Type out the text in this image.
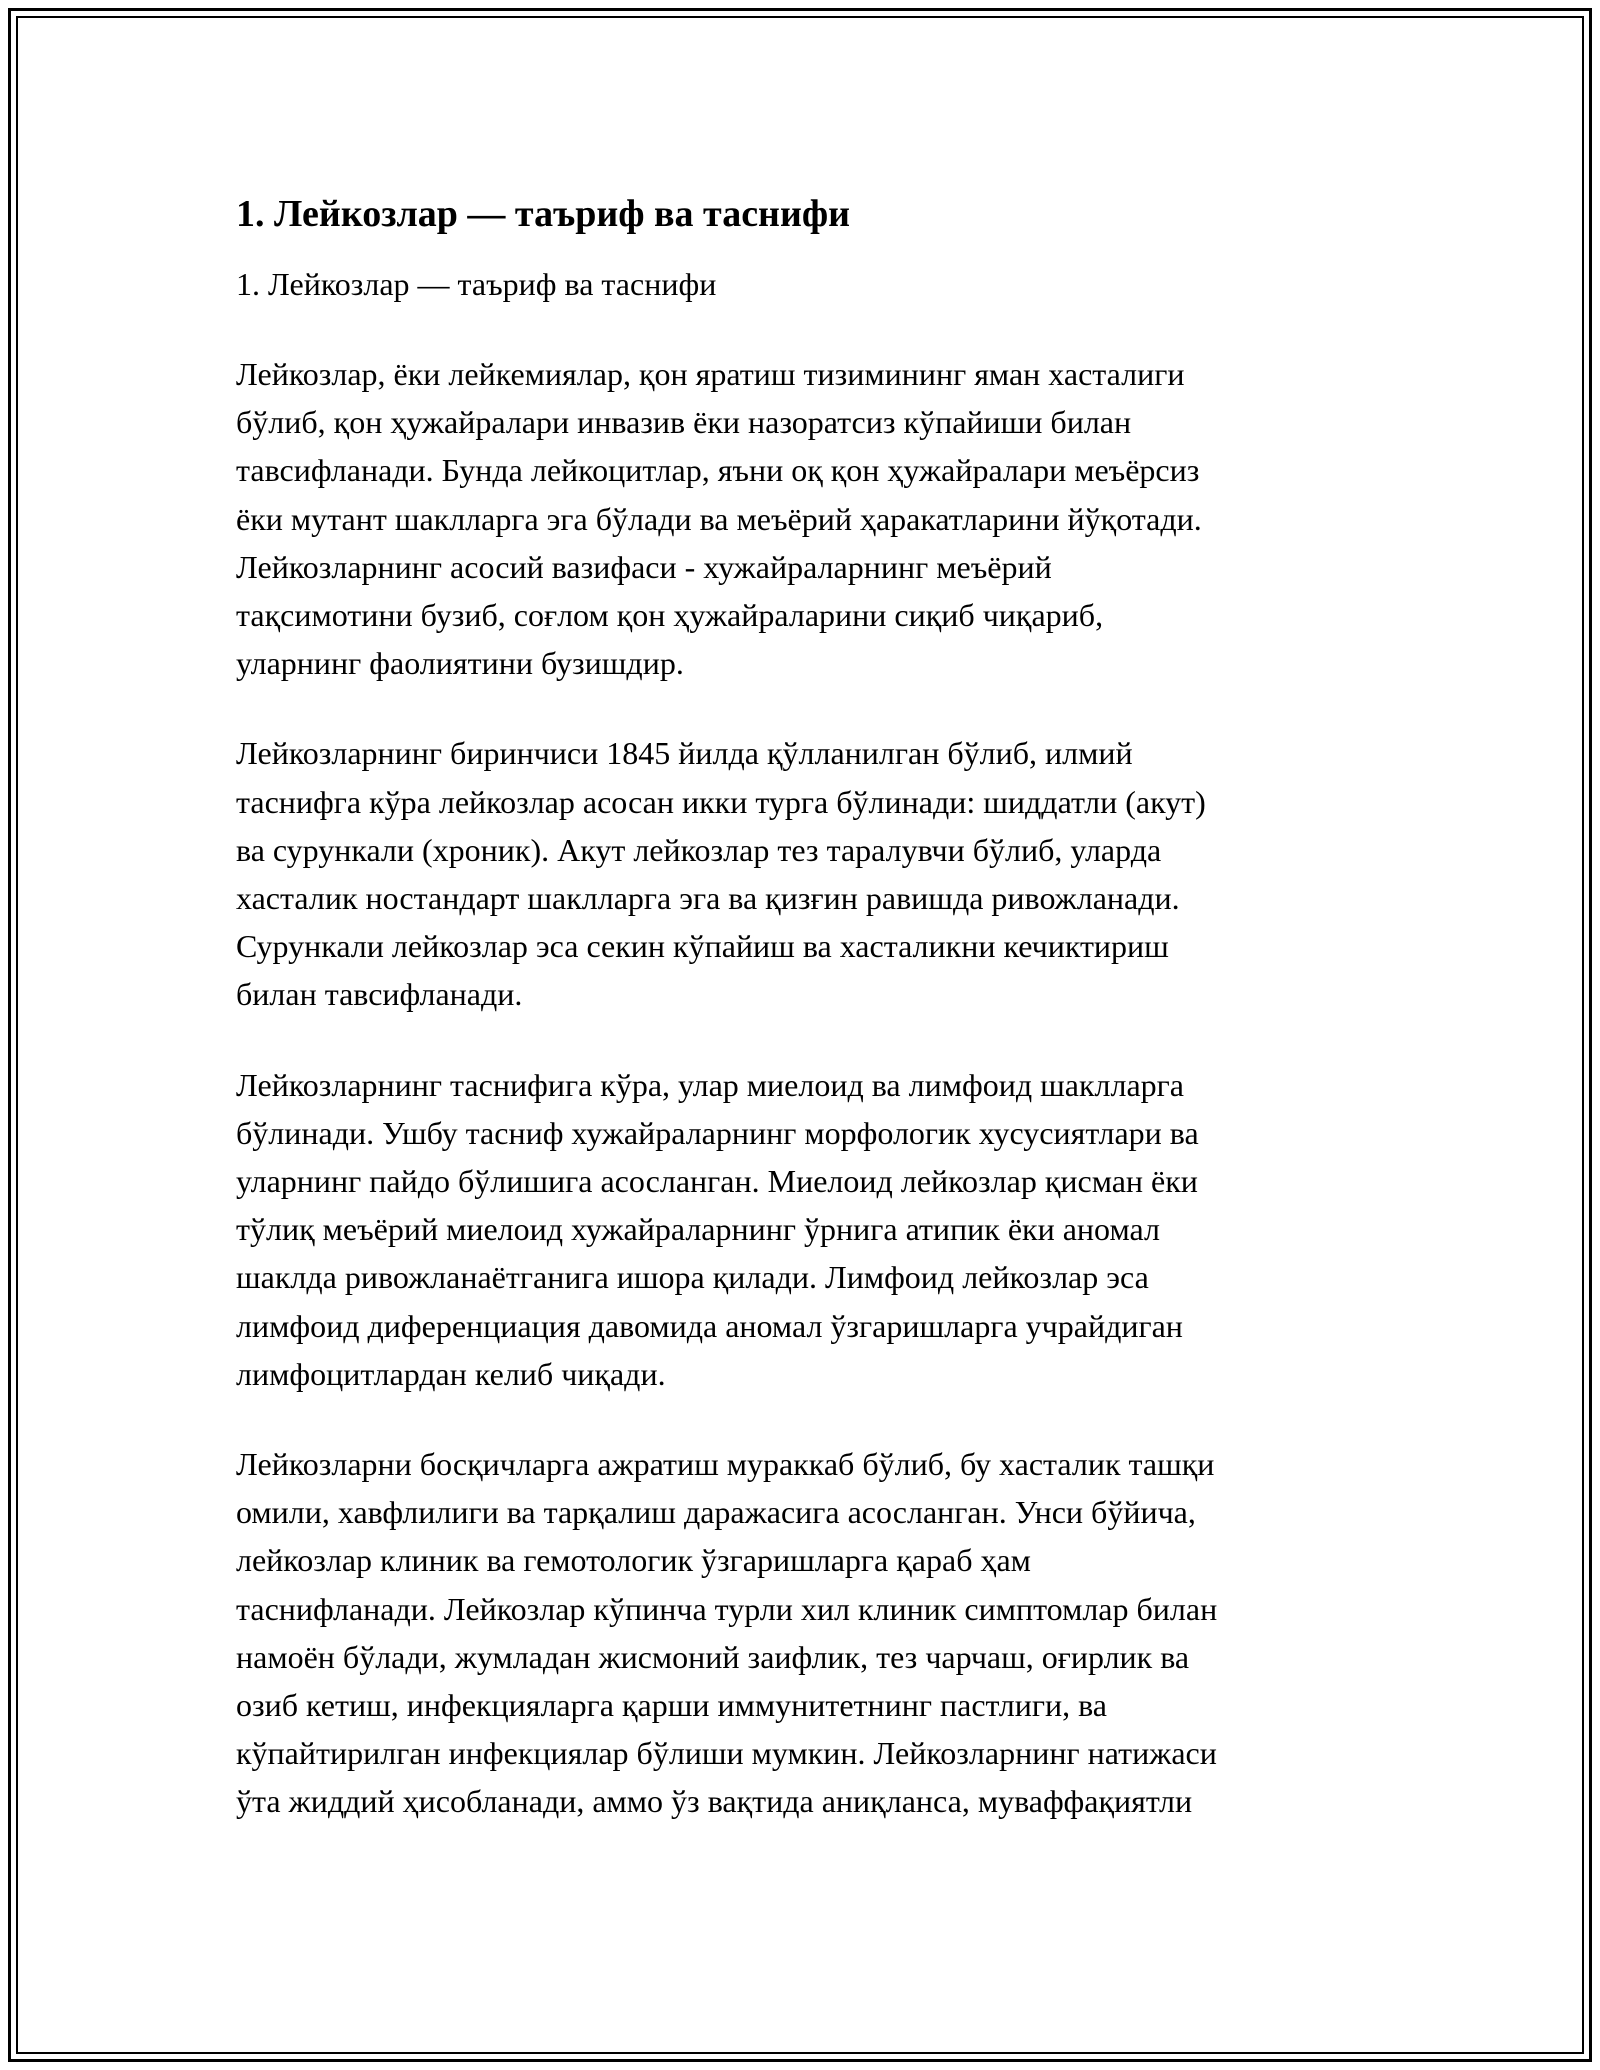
1. Лейкозлар — таъриф ва таснифи

1. Лейкозлар — таъриф ва таснифи

Лейкозлар, ёки лейкемиялар, қон яратиш тизимининг яман хасталиги
бўлиб, қон ҳужайралари инвазив ёки назоратсиз кўпайиши билан
тавсифланади. Бунда лейкоцитлар, яъни оқ қон ҳужайралари меъёрсиз
ёки мутант шаклларга эга бўлади ва меъёрий ҳаракатларини йўқотади.
Лейкозларнинг асосий вазифаси - хужайраларнинг меъёрий
тақсимотини бузиб, соғлом қон ҳужайраларини сиқиб чиқариб,
уларнинг фаолиятини бузишдир.

Лейкозларнинг биринчиси 1845 йилда қўлланилган бўлиб, илмий
таснифга кўра лейкозлар асосан икки турга бўлинади: шиддатли (акут)
ва сурункали (хроник). Акут лейкозлар тез таралувчи бўлиб, уларда
хасталик ностандарт шаклларга эга ва қизғин равишда ривожланади.
Сурункали лейкозлар эса секин кўпайиш ва хасталикни кечиктириш
билан тавсифланади.

Лейкозларнинг таснифига кўра, улар миелоид ва лимфоид шаклларга
бўлинади. Ушбу тасниф хужайраларнинг морфологик хусусиятлари ва
уларнинг пайдо бўлишига асосланган. Миелоид лейкозлар қисман ёки
тўлиқ меъёрий миелоид хужайраларнинг ўрнига атипик ёки аномал
шаклда ривожланаётганига ишора қилади. Лимфоид лейкозлар эса
лимфоид диференциация давомида аномал ўзгаришларга учрайдиган
лимфоцитлардан келиб чиқади.

Лейкозларни босқичларга ажратиш мураккаб бўлиб, бу хасталик ташқи
омили, хавфлилиги ва тарқалиш даражасига асосланган. Унси бўйича,
лейкозлар клиник ва гемотологик ўзгаришларга қараб ҳам
таснифланади. Лейкозлар кўпинча турли хил клиник симптомлар билан
намоён бўлади, жумладан жисмоний заифлик, тез чарчаш, оғирлик ва
озиб кетиш, инфекцияларга қарши иммунитетнинг пастлиги, ва
кўпайтирилган инфекциялар бўлиши мумкин. Лейкозларнинг натижаси
ўта жиддий ҳисобланади, аммо ўз вақтида аниқланса, муваффақиятли
